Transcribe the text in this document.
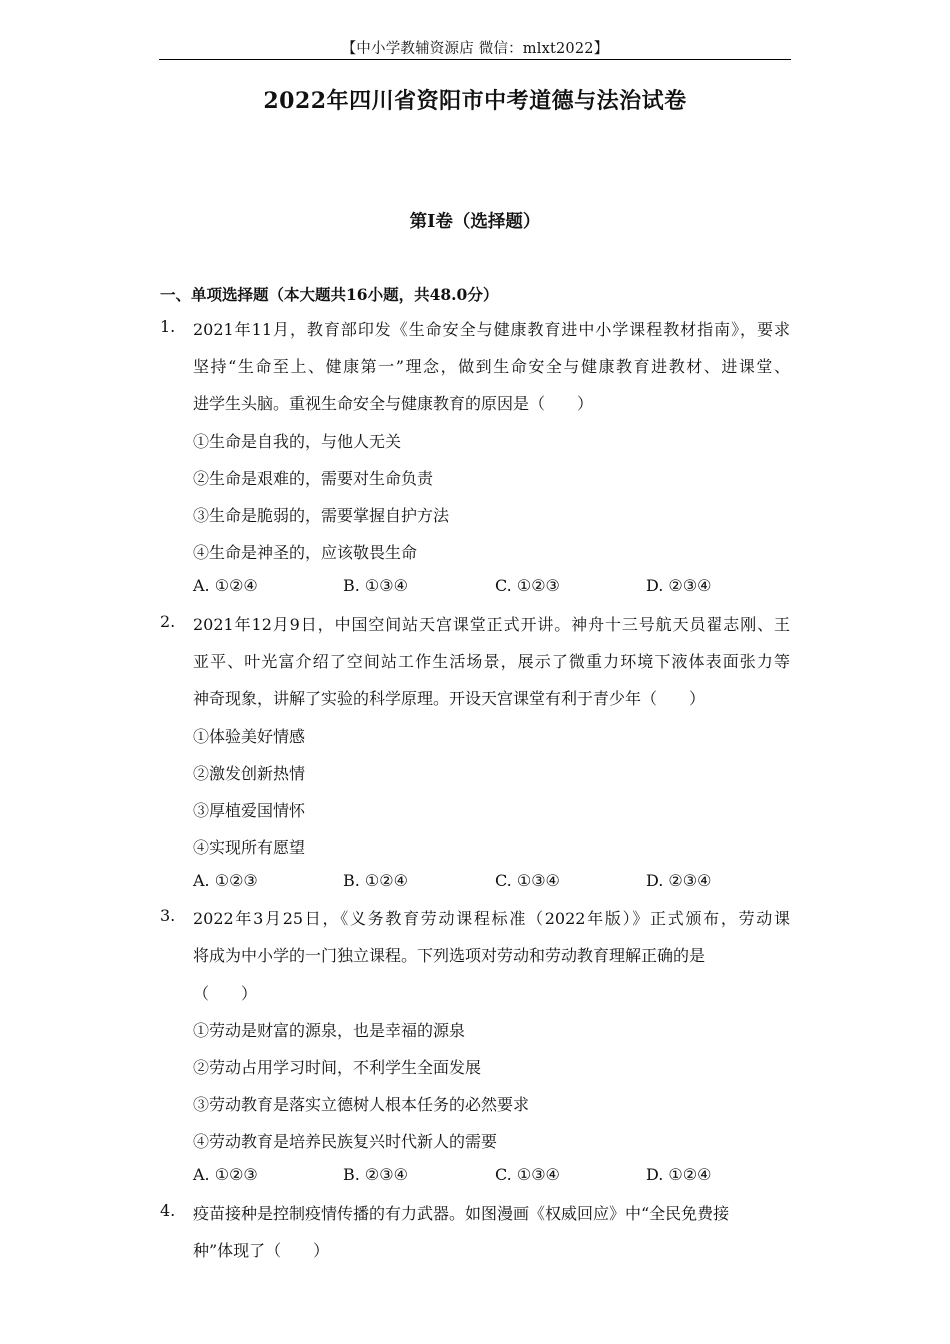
【中小学教辅资源店 微信：mlxt2022】
2022年四川省资阳市中考道德与法治试卷
第I卷（选择题）
一、单项选择题（本大题共16小题，共48.0分）
1. 2021年11月，教育部印发《生命安全与健康教育进中小学课程教材指南》，要求
坚持“生命至上、健康第一”理念，做到生命安全与健康教育进教材、进课堂、
进学生头脑。重视生命安全与健康教育的原因是（　　）
①生命是自我的，与他人无关
②生命是艰难的，需要对生命负责
③生命是脆弱的，需要掌握自护方法
④生命是神圣的，应该敬畏生命
A. ①②④	B. ①③④	C. ①②③	D. ②③④
2. 2021年12月9日，中国空间站天宫课堂正式开讲。神舟十三号航天员翟志刚、王
亚平、叶光富介绍了空间站工作生活场景，展示了微重力环境下液体表面张力等
神奇现象，讲解了实验的科学原理。开设天宫课堂有利于青少年（　　）
①体验美好情感
②激发创新热情
③厚植爱国情怀
④实现所有愿望
A. ①②③	B. ①②④	C. ①③④	D. ②③④
3. 2022年3月25日，《义务教育劳动课程标准（2022年版）》正式颁布，劳动课
将成为中小学的一门独立课程。下列选项对劳动和劳动教育理解正确的是
（　　）
①劳动是财富的源泉，也是幸福的源泉
②劳动占用学习时间，不利学生全面发展
③劳动教育是落实立德树人根本任务的必然要求
④劳动教育是培养民族复兴时代新人的需要
A. ①②③	B. ②③④	C. ①③④	D. ①②④
4. 疫苗接种是控制疫情传播的有力武器。如图漫画《权威回应》中“全民免费接
种”体现了（　　）
